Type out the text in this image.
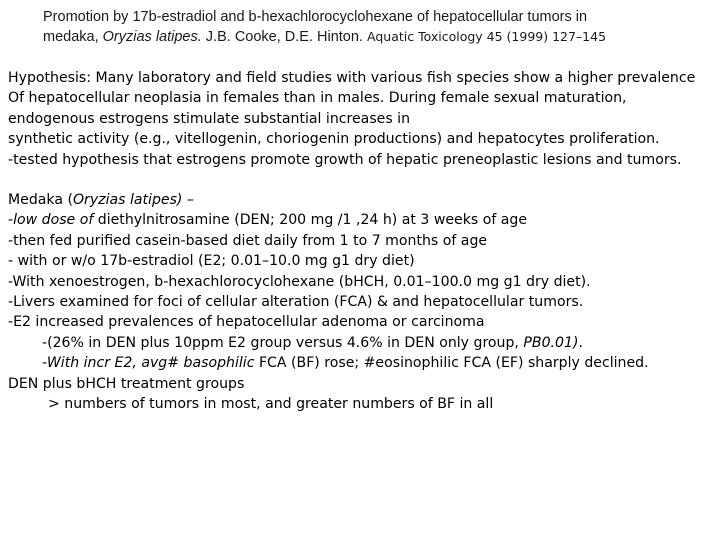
Promotion by 17b-estradiol and b-hexachlorocyclohexane of hepatocellular tumors in
medaka, Oryzias latipes. J.B. Cooke, D.E. Hinton. Aquatic Toxicology 45 (1999) 127–145
Hypothesis: Many laboratory and field studies with various fish species show a higher prevalence
Of hepatocellular neoplasia in females than in males. During female sexual maturation,
endogenous estrogens stimulate substantial increases in
synthetic activity (e.g., vitellogenin, choriogenin productions) and hepatocytes proliferation.
-tested hypothesis that estrogens promote growth of hepatic preneoplastic lesions and tumors.
Medaka (Oryzias latipes) –
-low dose of diethylnitrosamine (DEN; 200 mg /1 ,24 h) at 3 weeks of age
-then fed purified casein-based diet daily from 1 to 7 months of age
- with or w/o 17b-estradiol (E2; 0.01–10.0 mg g1 dry diet)
-With xenoestrogen, b-hexachlorocyclohexane (bHCH, 0.01–100.0 mg g1 dry diet).
-Livers examined for foci of cellular alteration (FCA) & and hepatocellular tumors.
-E2 increased prevalences of hepatocellular adenoma or carcinoma
-(26% in DEN plus 10ppm E2 group versus 4.6% in DEN only group, PB0.01).
-With incr E2, avg# basophilic FCA (BF) rose; #eosinophilic FCA (EF) sharply declined.
DEN plus bHCH treatment groups
> numbers of tumors in most, and greater numbers of BF in all
